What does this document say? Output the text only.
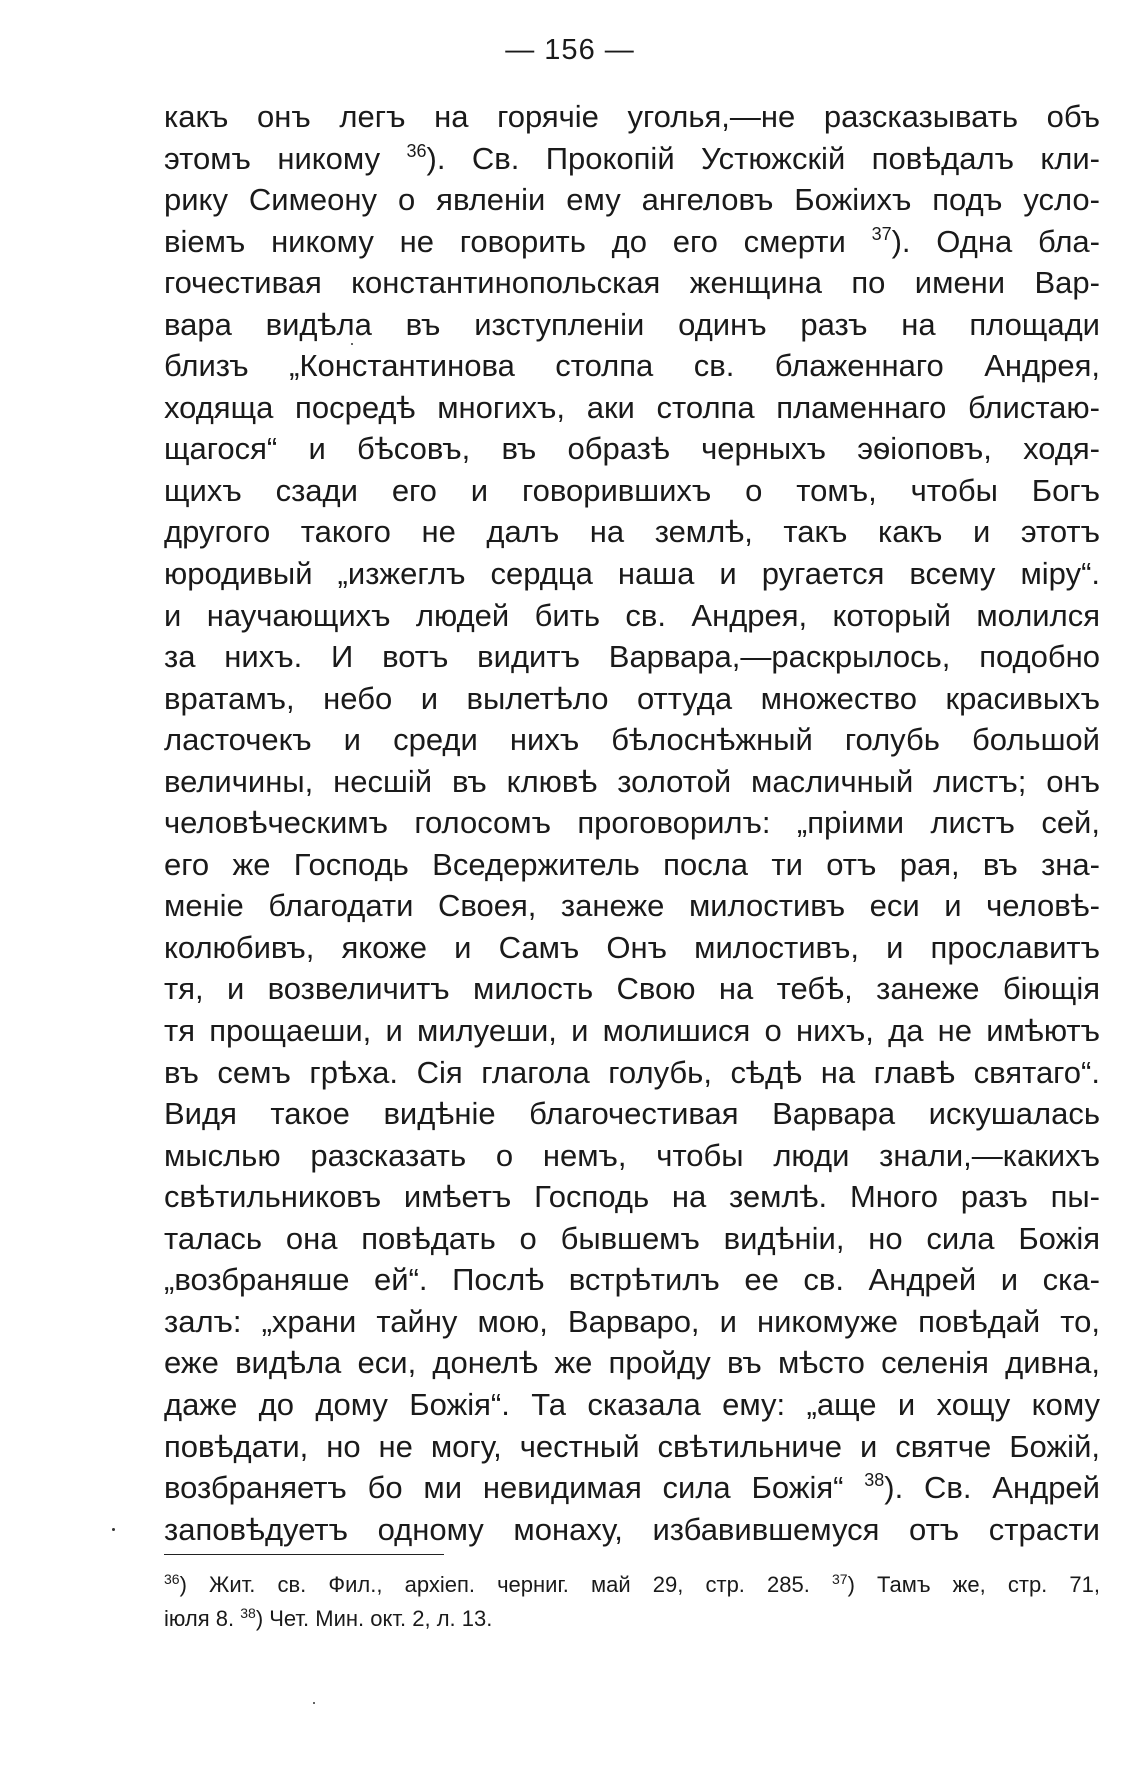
— 156 —
какъ онъ легъ на горячіе уголья,—не разсказывать объ
этомъ никому $^{36}$). Св. Прокопій Устюжскій повѣдалъ кли-
рику Симеону о явленіи ему ангеловъ Божіихъ подъ усло-
віемъ никому не говорить до его смерти $^{37}$). Одна бла-
гочестивая константинопольская женщина по имени Вар-
вара видѣла въ изступленіи одинъ разъ на площади
близъ „Константинова столпа св. блаженнаго Андрея,
ходяща посредѣ многихъ, аки столпа пламеннаго блистаю-
щагося“ и бѣсовъ, въ образѣ черныхъ эѳіоповъ, ходя-
щихъ сзади его и говорившихъ о томъ, чтобы Богъ
другого такого не далъ на землѣ, такъ какъ и этотъ
юродивый „изжеглъ сердца наша и ругается всему міру“.
и научающихъ людей бить св. Андрея, который молился
за нихъ. И вотъ видитъ Варвара,—раскрылось, подобно
вратамъ, небо и вылетѣло оттуда множество красивыхъ
ласточекъ и среди нихъ бѣлоснѣжный голубь большой
величины, несшій въ клювѣ золотой масличный листъ; онъ
человѣческимъ голосомъ проговорилъ: „пріими листъ сей,
его же Господь Вседержитель посла ти отъ рая, въ зна-
меніе благодати Своея, занеже милостивъ еси и человѣ-
колюбивъ, якоже и Самъ Онъ милостивъ, и прославитъ
тя, и возвеличитъ милость Свою на тебѣ, занеже біющія
тя прощаеши, и милуеши, и молишися о нихъ, да не имѣютъ
въ семъ грѣха. Сія глагола голубь, сѣдѣ на главѣ святаго“.
Видя такое видѣніе благочестивая Варвара искушалась
мыслью разсказать о немъ, чтобы люди знали,—какихъ
свѣтильниковъ имѣетъ Господь на землѣ. Много разъ пы-
талась она повѣдать о бывшемъ видѣніи, но сила Божія
„возбраняше ей“. Послѣ встрѣтилъ ее св. Андрей и ска-
залъ: „храни тайну мою, Варваро, и никомуже повѣдай то,
еже видѣла еси, донелѣ же пройду въ мѣсто селенія дивна,
даже до дому Божія“. Та сказала ему: „аще и хощу кому
повѣдати, но не могу, честный свѣтильниче и святче Божій,
возбраняетъ бо ми невидимая сила Божія“ $^{38}$). Св. Андрей
заповѣдуетъ одному монаху, избавившемуся отъ страсти
$^{36}$) Жит. св. Фил., архіеп. черниг. май 29, стр. 285. $^{37}$) Тамъ же, стр. 71,
іюля 8. $^{38}$) Чет. Мин. окт. 2, л. 13.
